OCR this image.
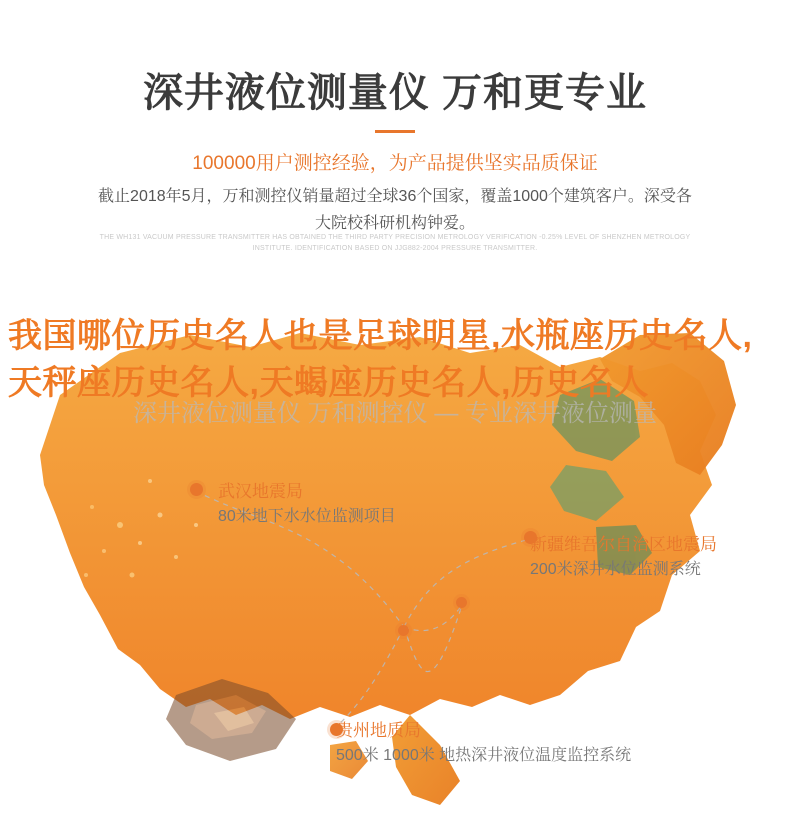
深井液位测量仪 万和更专业
100000用户测控经验，为产品提供坚实品质保证
截止2018年5月，万和测控仪销量超过全球36个国家，覆盖1000个建筑客户。深受各大院校科研机构钟爱。
THE WH131 VACUUM PRESSURE TRANSMITTER HAS OBTAINED THE THIRD PARTY PRECISION METROLOGY VERIFICATION -0.25% LEVEL OF SHENZHEN METROLOGY INSTITUTE. IDENTIFICATION BASED ON JJG882-2004 PRESSURE TRANSMITTER.
深井液位测量仪 万和测控仪 — 专业深井液位测量
武汉地震局
80米地下水水位监测项目
新疆维吾尔自治区地震局
200米深井水位监测系统
贵州地质局
500米 1000米 地热深井液位温度监控系统
我国哪位历史名人也是足球明星,水瓶座历史名人,天秤座历史名人,天蝎座历史名人,历史名人
